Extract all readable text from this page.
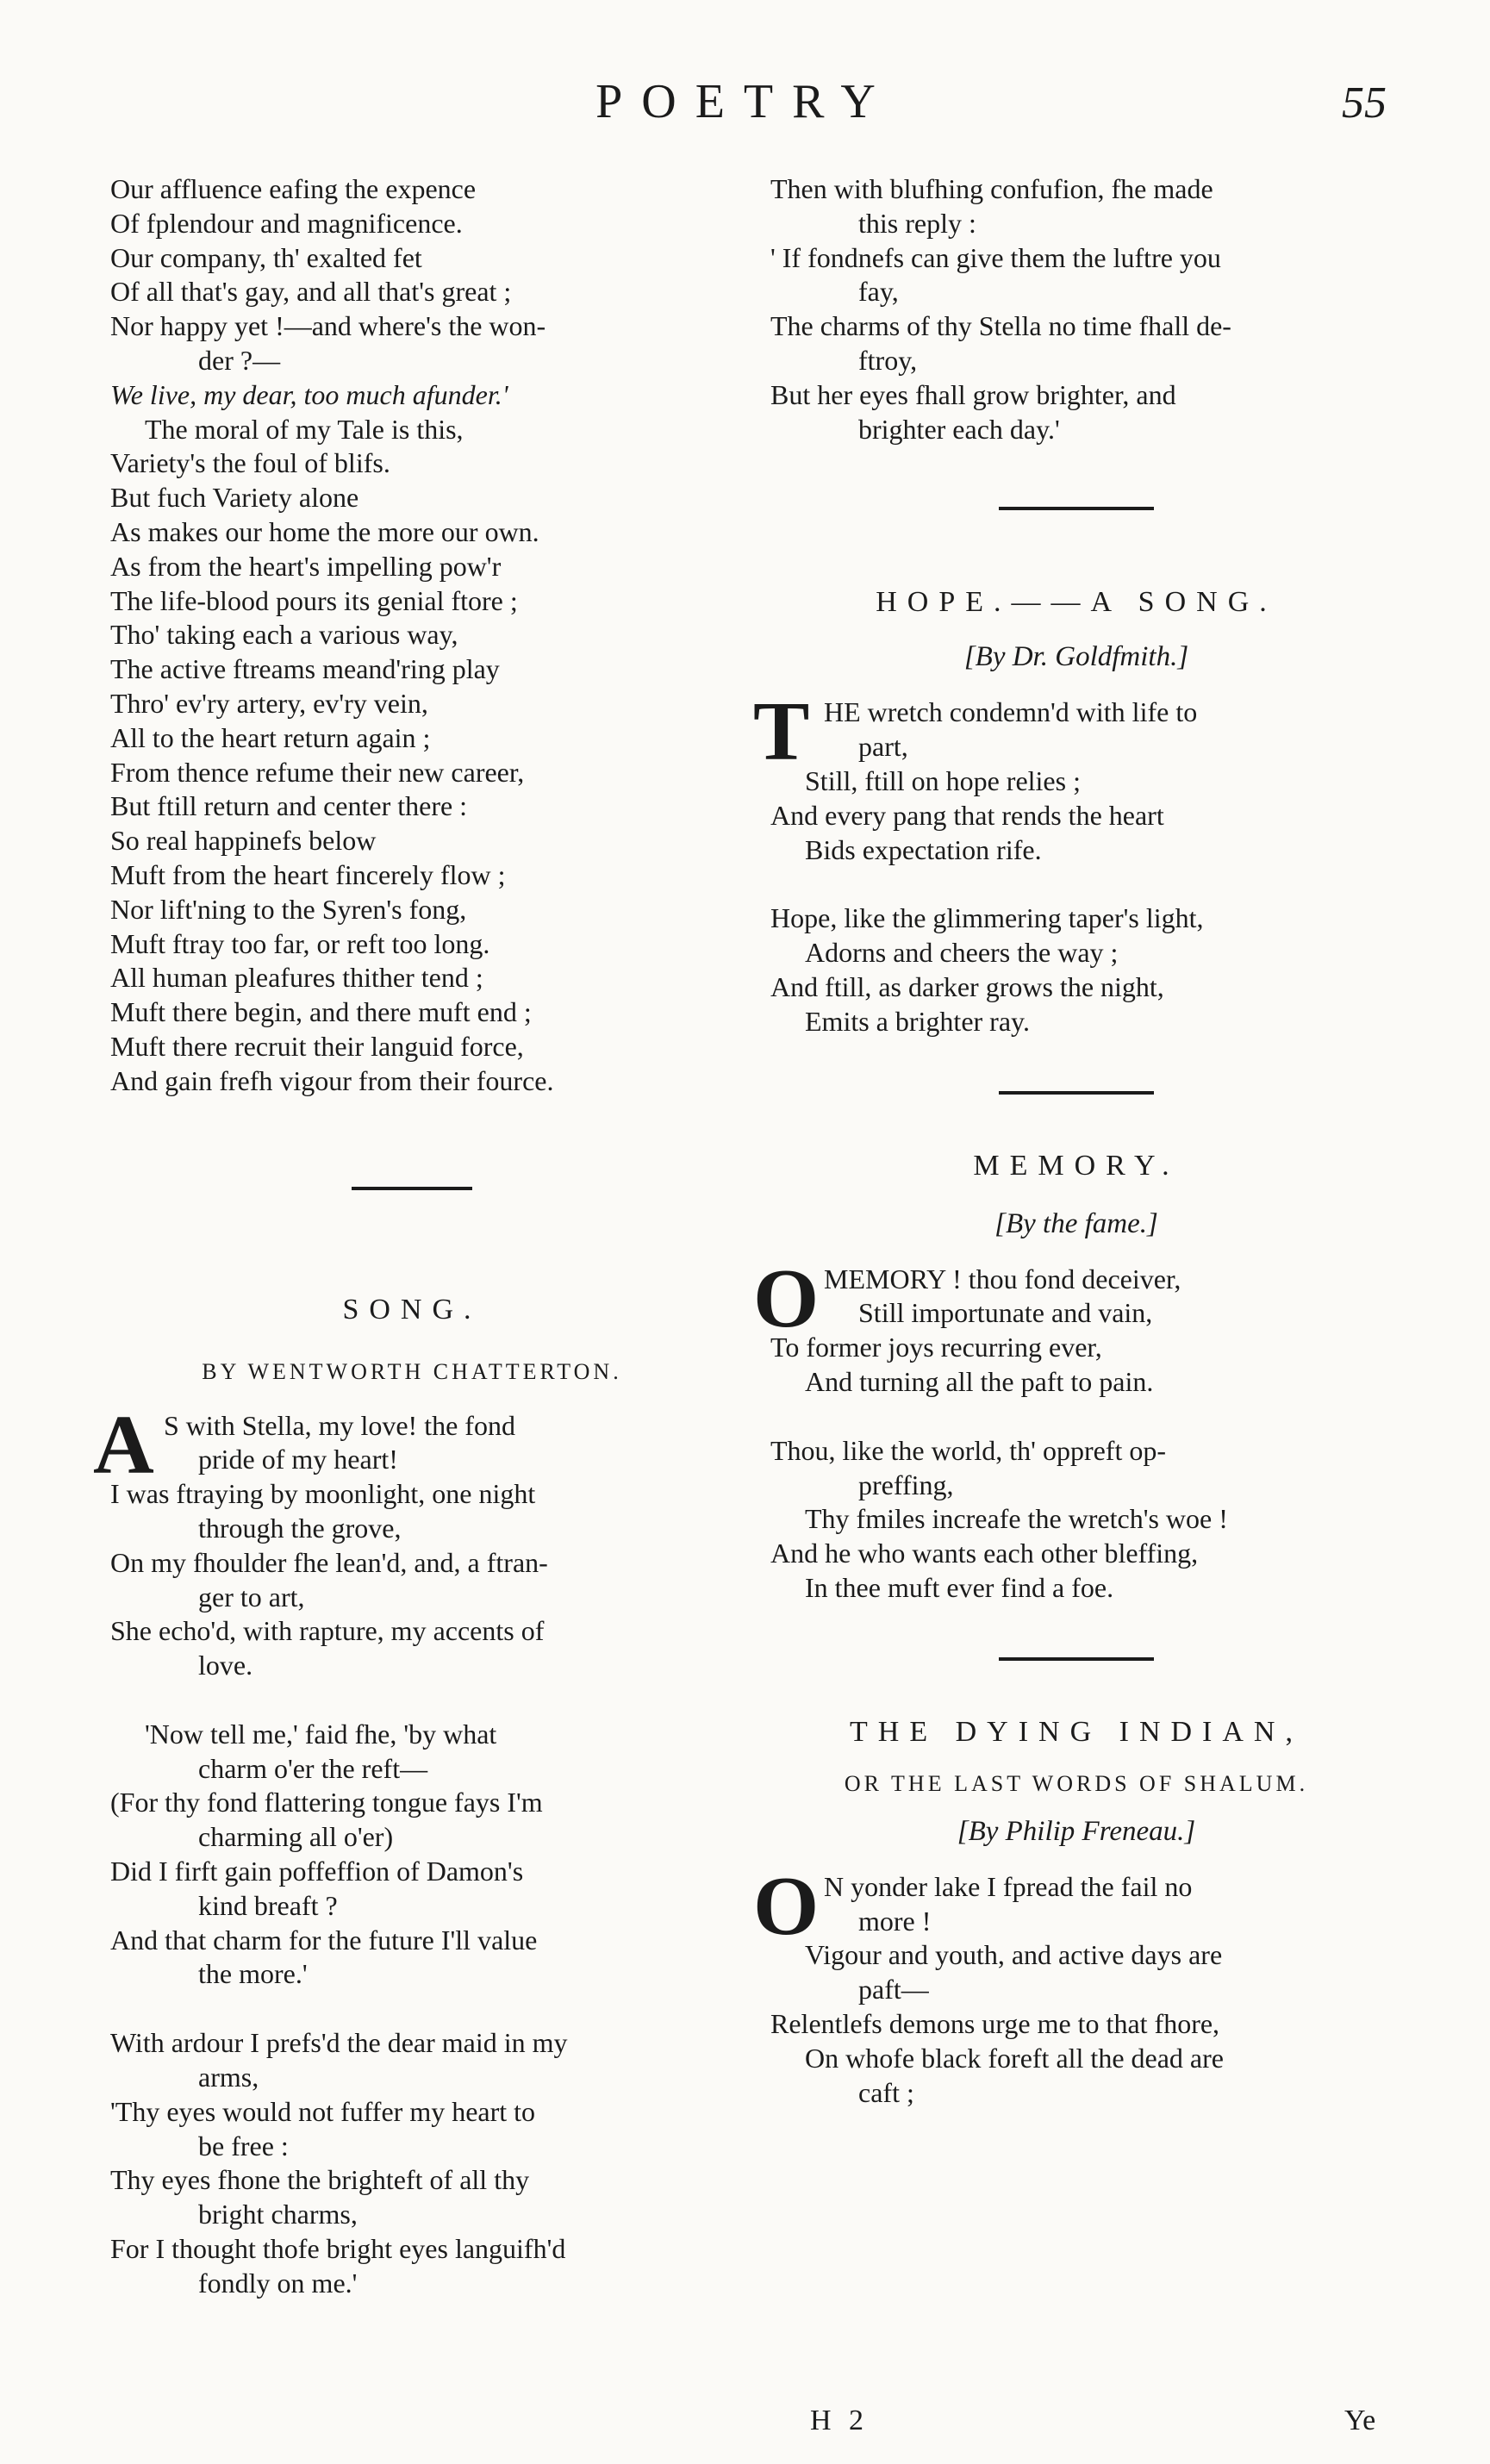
POETRY	55
Our affluence eafing the expence
Of fplendour and magnificence.
Our company, th' exalted fet
Of all that's gay, and all that's great ;
Nor happy yet !—and where's the won-
der ?—
We live, my dear, too much afunder.'
The moral of my Tale is this,
Variety's the foul of blifs.
But fuch Variety alone
As makes our home the more our own.
As from the heart's impelling pow'r
The life-blood pours its genial ftore ;
Tho' taking each a various way,
The active ftreams meand'ring play
Thro' ev'ry artery, ev'ry vein,
All to the heart return again ;
From thence refume their new career,
But ftill return and center there :
So real happinefs below
Muft from the heart fincerely flow ;
Nor lift'ning to the Syren's fong,
Muft ftray too far, or reft too long.
All human pleafures thither tend ;
Muft there begin, and there muft end ;
Muft there recruit their languid force,
And gain frefh vigour from their fource.
SONG.
BY WENTWORTH CHATTERTON.
A S with Stella, my love! the fond
pride of my heart!
I was ftraying by moonlight, one night
through the grove,
On my fhoulder fhe lean'd, and, a ftran-
ger to art,
She echo'd, with rapture, my accents of
love.
'Now tell me,' faid fhe, 'by what
charm o'er the reft—
(For thy fond flattering tongue fays I'm
charming all o'er)
Did I firft gain poffeffion of Damon's
kind breaft ?
And that charm for the future I'll value
the more.'
With ardour I prefs'd the dear maid in my
arms,
'Thy eyes would not fuffer my heart to
be free :
Thy eyes fhone the brighteft of all thy
bright charms,
For I thought thofe bright eyes languifh'd
fondly on me.'
Then with blufhing confufion, fhe made
this reply :
' If fondnefs can give them the luftre you
fay,
The charms of thy Stella no time fhall de-
ftroy,
But her eyes fhall grow brighter, and
brighter each day.'
HOPE.——A SONG.
[By Dr. Goldfmith.]
T HE wretch condemn'd with life to
part,
Still, ftill on hope relies ;
And every pang that rends the heart
Bids expectation rife.
Hope, like the glimmering taper's light,
Adorns and cheers the way ;
And ftill, as darker grows the night,
Emits a brighter ray.
MEMORY.
[By the fame.]
O MEMORY ! thou fond deceiver,
Still importunate and vain,
To former joys recurring ever,
And turning all the paft to pain.
Thou, like the world, th' oppreft op-
preffing,
Thy fmiles increafe the wretch's woe !
And he who wants each other bleffing,
In thee muft ever find a foe.
THE DYING INDIAN,
OR THE LAST WORDS OF SHALUM.
[By Philip Freneau.]
O N yonder lake I fpread the fail no
more !
Vigour and youth, and active days are
paft—
Relentlefs demons urge me to that fhore,
On whofe black foreft all the dead are
caft ;
H 2	Ye
